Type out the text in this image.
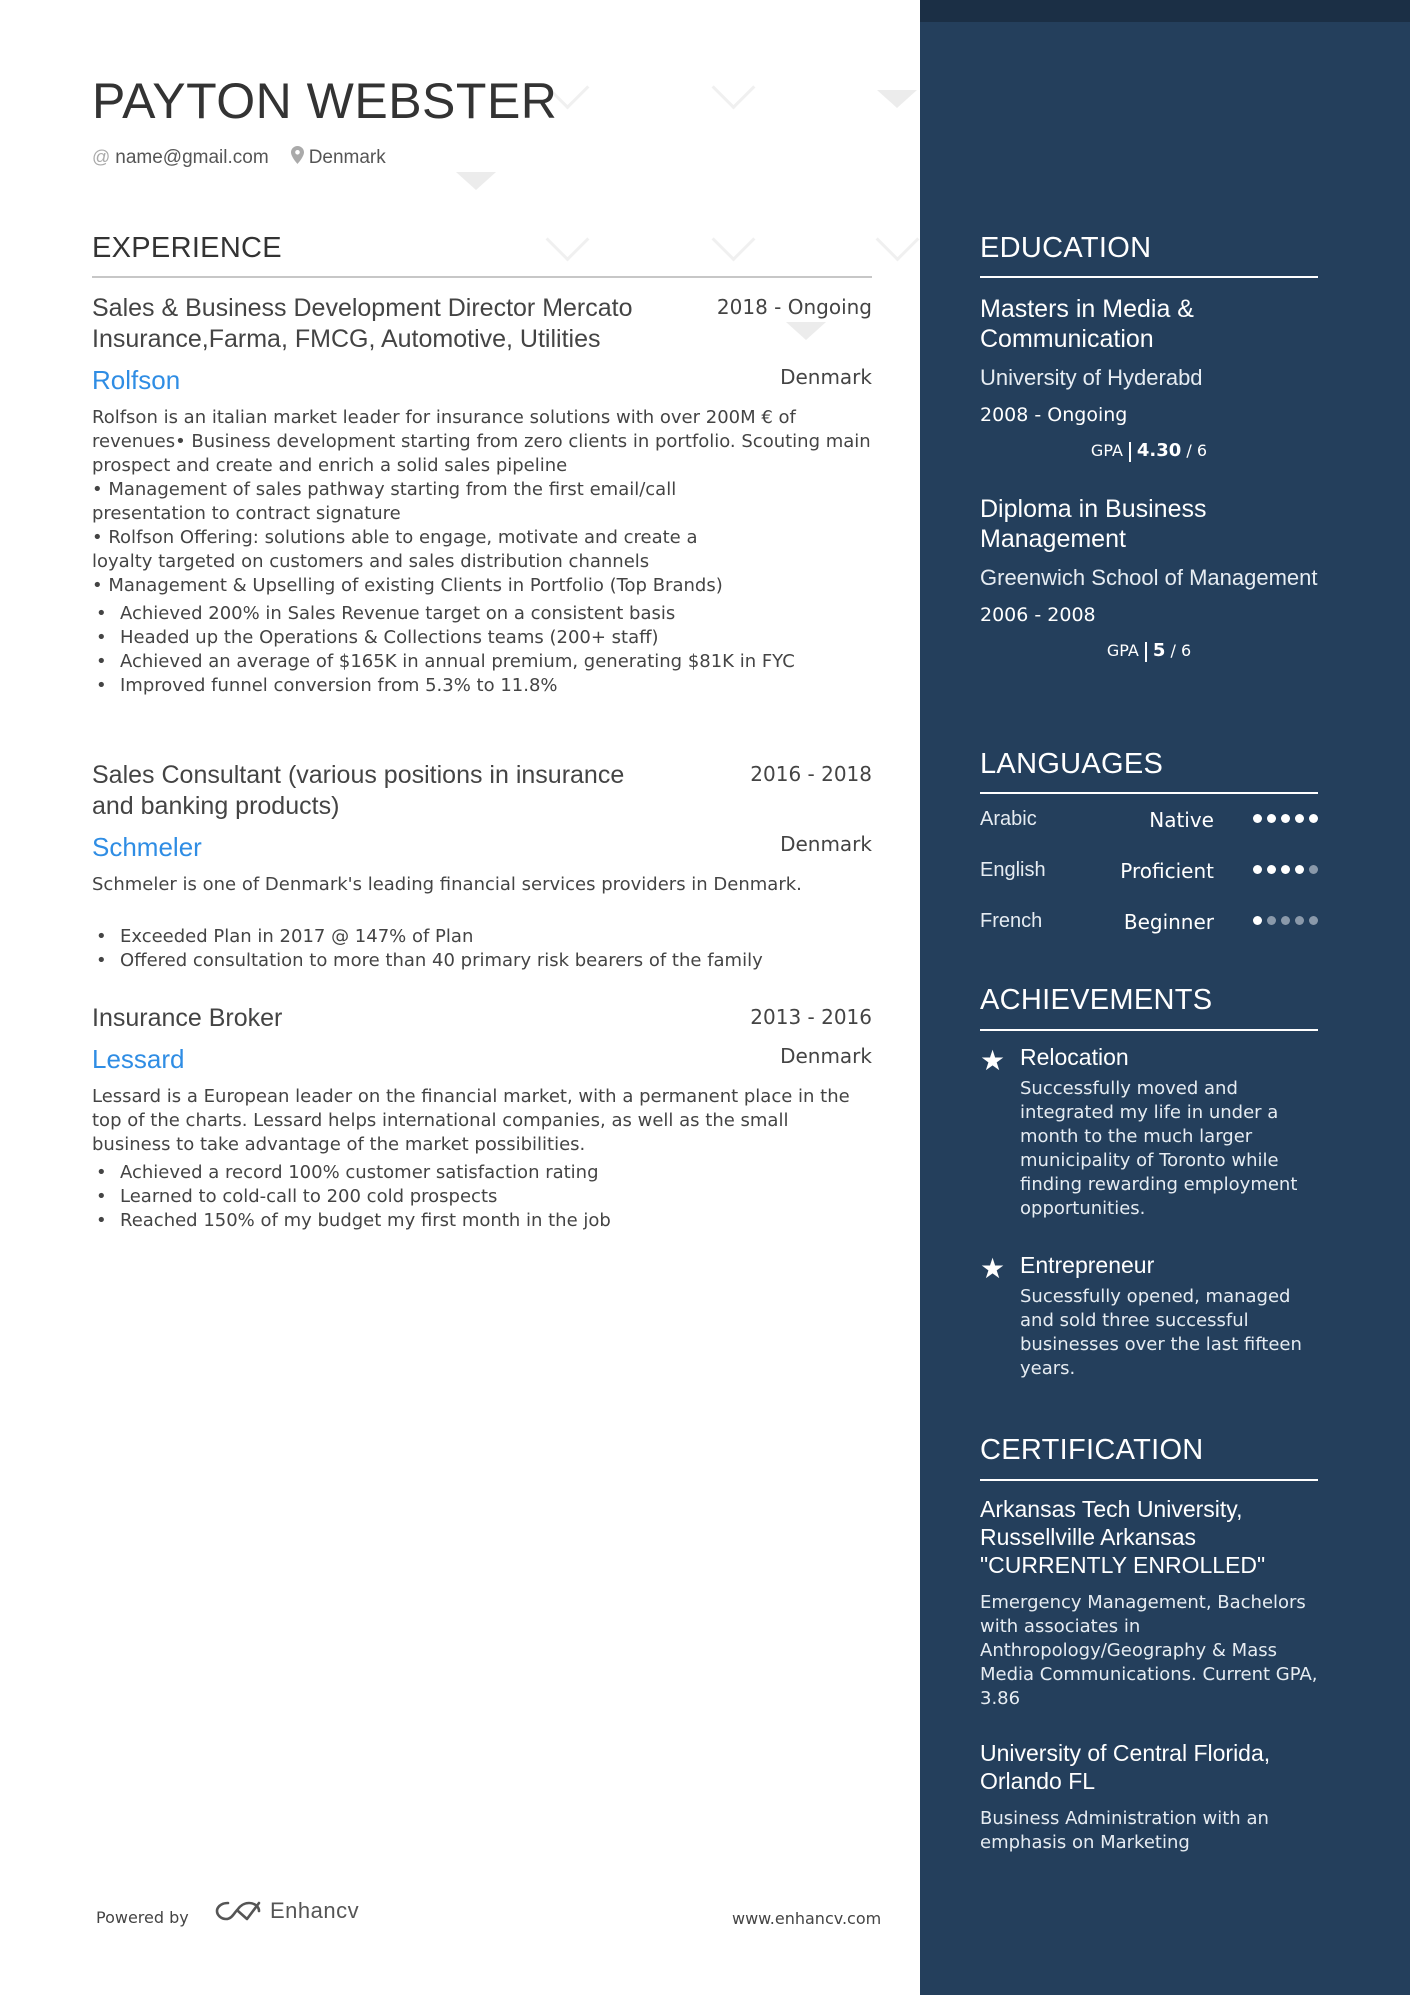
PAYTON WEBSTER
@ name@gmail.com Denmark
EXPERIENCE
Sales & Business Development Director Mercato Insurance,Farma, FMCG, Automotive, Utilities
2018 - Ongoing
Rolfson	Denmark
Rolfson is an italian market leader for insurance solutions with over 200M € of revenues• Business development starting from zero clients in portfolio. Scouting main prospect and create and enrich a solid sales pipeline
• Management of sales pathway starting from the first email/call
presentation to contract signature
• Rolfson Offering: solutions able to engage, motivate and create a
loyalty targeted on customers and sales distribution channels
• Management & Upselling of existing Clients in Portfolio (Top Brands)
• Achieved 200% in Sales Revenue target on a consistent basis
• Headed up the Operations & Collections teams (200+ staff)
• Achieved an average of $165K in annual premium, generating $81K in FYC
• Improved funnel conversion from 5.3% to 11.8%
Sales Consultant (various positions in insurance and banking products)
2016 - 2018
Schmeler	Denmark
Schmeler is one of Denmark's leading financial services providers in Denmark.
• Exceeded Plan in 2017 @ 147% of Plan
• Offered consultation to more than 40 primary risk bearers of the family
Insurance Broker	2013 - 2016
Lessard	Denmark
Lessard is a European leader on the financial market, with a permanent place in the top of the charts. Lessard helps international companies, as well as the small business to take advantage of the market possibilities.
• Achieved a record 100% customer satisfaction rating
• Learned to cold-call to 200 cold prospects
• Reached 150% of my budget my first month in the job
Powered by	Enhancv	www.enhancv.com
EDUCATION
Masters in Media & Communication
University of Hyderabd
2008 - Ongoing
GPA 4.30 / 6
Diploma in Business Management
Greenwich School of Management
2006 - 2008
GPA 5 / 6
LANGUAGES
Arabic	Native
English	Proficient
French	Beginner
ACHIEVEMENTS
★ Relocation
Successfully moved and integrated my life in under a month to the much larger municipality of Toronto while finding rewarding employment opportunities.
★ Entrepreneur
Sucessfully opened, managed and sold three successful businesses over the last fifteen years.
CERTIFICATION
Arkansas Tech University, Russellville Arkansas "CURRENTLY ENROLLED"
Emergency Management, Bachelors with associates in Anthropology/Geography & Mass Media Communications. Current GPA, 3.86
University of Central Florida, Orlando FL
Business Administration with an emphasis on Marketing
